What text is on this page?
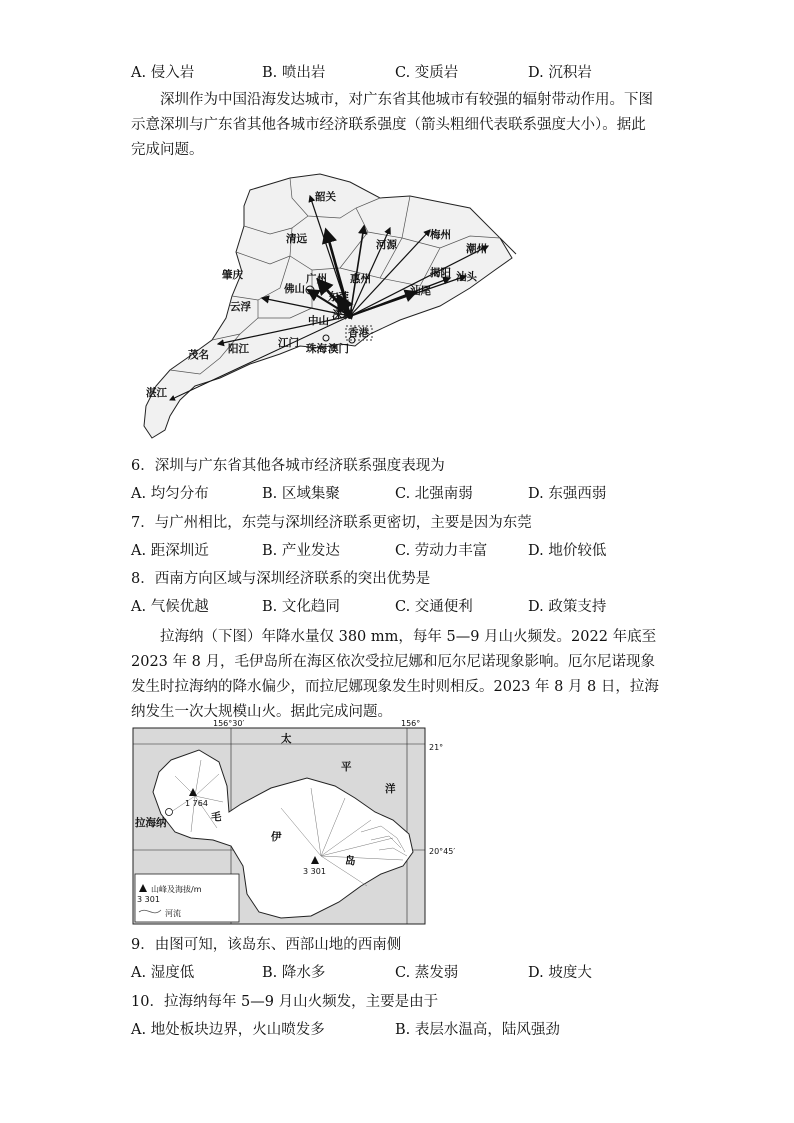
A. 侵入岩	B. 喷出岩	C. 变质岩	D. 沉积岩
深圳作为中国沿海发达城市，对广东省其他城市有较强的辐射带动作用。下图示意深圳与广东省其他各城市经济联系强度（箭头粗细代表联系强度大小）。据此完成问题。
韶关
清远	河源
梅州
潮州
肇庆	广州 惠州	揭阳 汕头
佛山
东莞
云浮
深圳
汕尾
中山
香港
江门 珠海 澳门
茂名 阳江
湛江
6．深圳与广东省其他各城市经济联系强度表现为
A. 均匀分布	B. 区域集聚	C. 北强南弱	D. 东强西弱
7．与广州相比，东莞与深圳经济联系更密切，主要是因为东莞
A. 距深圳近	B. 产业发达	C. 劳动力丰富	D. 地价较低
8．西南方向区域与深圳经济联系的突出优势是
A. 气候优越	B. 文化趋同	C. 交通便利	D. 政策支持
拉海纳（下图）年降水量仅 380 mm，每年 5—9 月山火频发。2022 年底至 2023 年 8 月，毛伊岛所在海区依次受拉尼娜和厄尔尼诺现象影响。厄尔尼诺现象发生时拉海纳的降水偏少，而拉尼娜现象发生时则相反。2023 年 8 月 8 日，拉海纳发生一次大规模山火。据此完成问题。
156°30′	156°
21°
20°45′
太
平
洋
毛
伊
岛
1 764
3 301
拉海纳
山峰及海拔/m
3 301
河流
9．由图可知，该岛东、西部山地的西南侧
A. 湿度低	B. 降水多	C. 蒸发弱	D. 坡度大
10．拉海纳每年 5—9 月山火频发，主要是由于
A. 地处板块边界，火山喷发多	B. 表层水温高，陆风强劲
